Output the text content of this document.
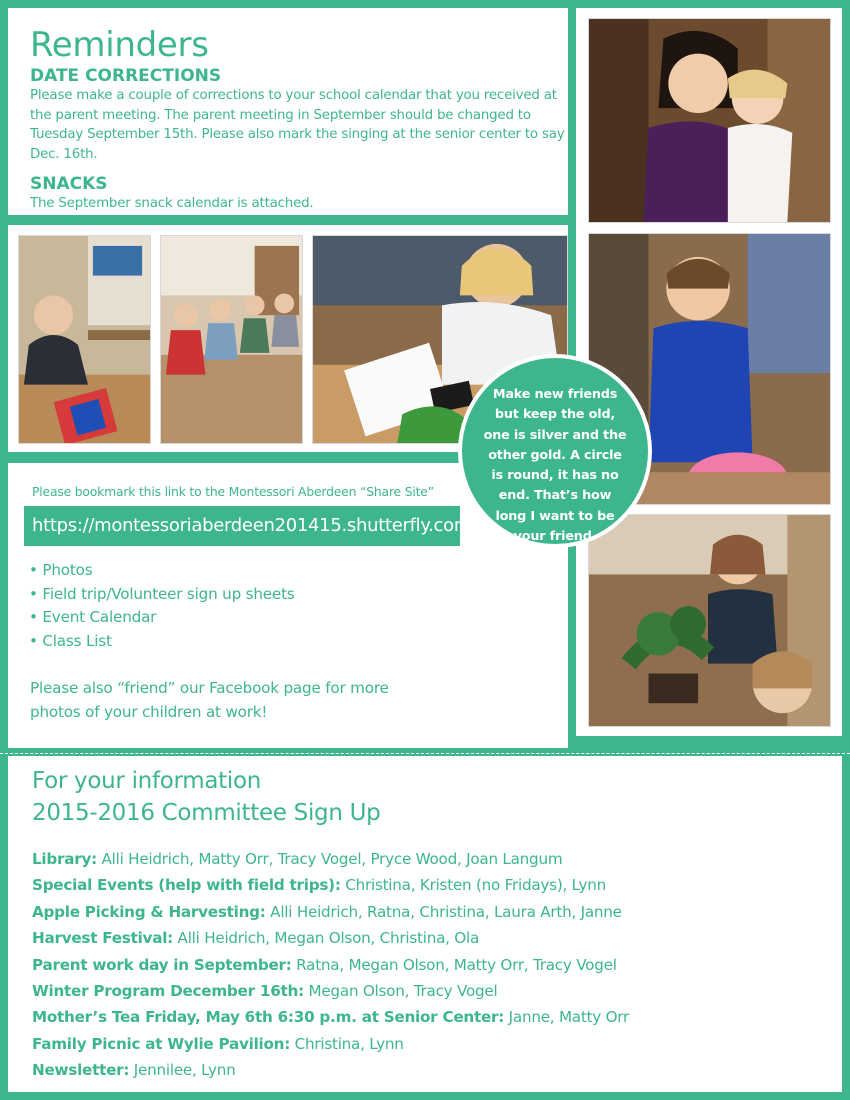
Reminders
DATE CORRECTIONS

Please make a couple of corrections to your school calendar that you received at the parent meeting. The parent meeting in September should be changed to Tuesday September 15th. Please also mark the singing at the senior center to say Dec. 16th.

SNACKS

The September snack calendar is attached.

Please bookmark this link to the Montessori Aberdeen “Share Site”
https://montessoriaberdeen201415.shutterfly.com
• Photos
• Field trip/Volunteer sign up sheets
• Event Calendar
• Class List

Please also “friend” our Facebook page for more photos of your children at work!

Make new friends but keep the old, one is silver and the other gold. A circle is round, it has no end. That’s how long I want to be your friend.
For your information
2015-2016 Committee Sign Up
Library: Alli Heidrich, Matty Orr, Tracy Vogel, Pryce Wood, Joan Langum
Special Events (help with field trips): Christina, Kristen (no Fridays), Lynn
Apple Picking & Harvesting: Alli Heidrich, Ratna, Christina, Laura Arth, Janne
Harvest Festival: Alli Heidrich, Megan Olson, Christina, Ola
Parent work day in September: Ratna, Megan Olson, Matty Orr, Tracy Vogel
Winter Program December 16th: Megan Olson, Tracy Vogel
Mother’s Tea Friday, May 6th 6:30 p.m. at Senior Center: Janne, Matty Orr
Family Picnic at Wylie Pavilion: Christina, Lynn
Newsletter: Jennilee, Lynn
